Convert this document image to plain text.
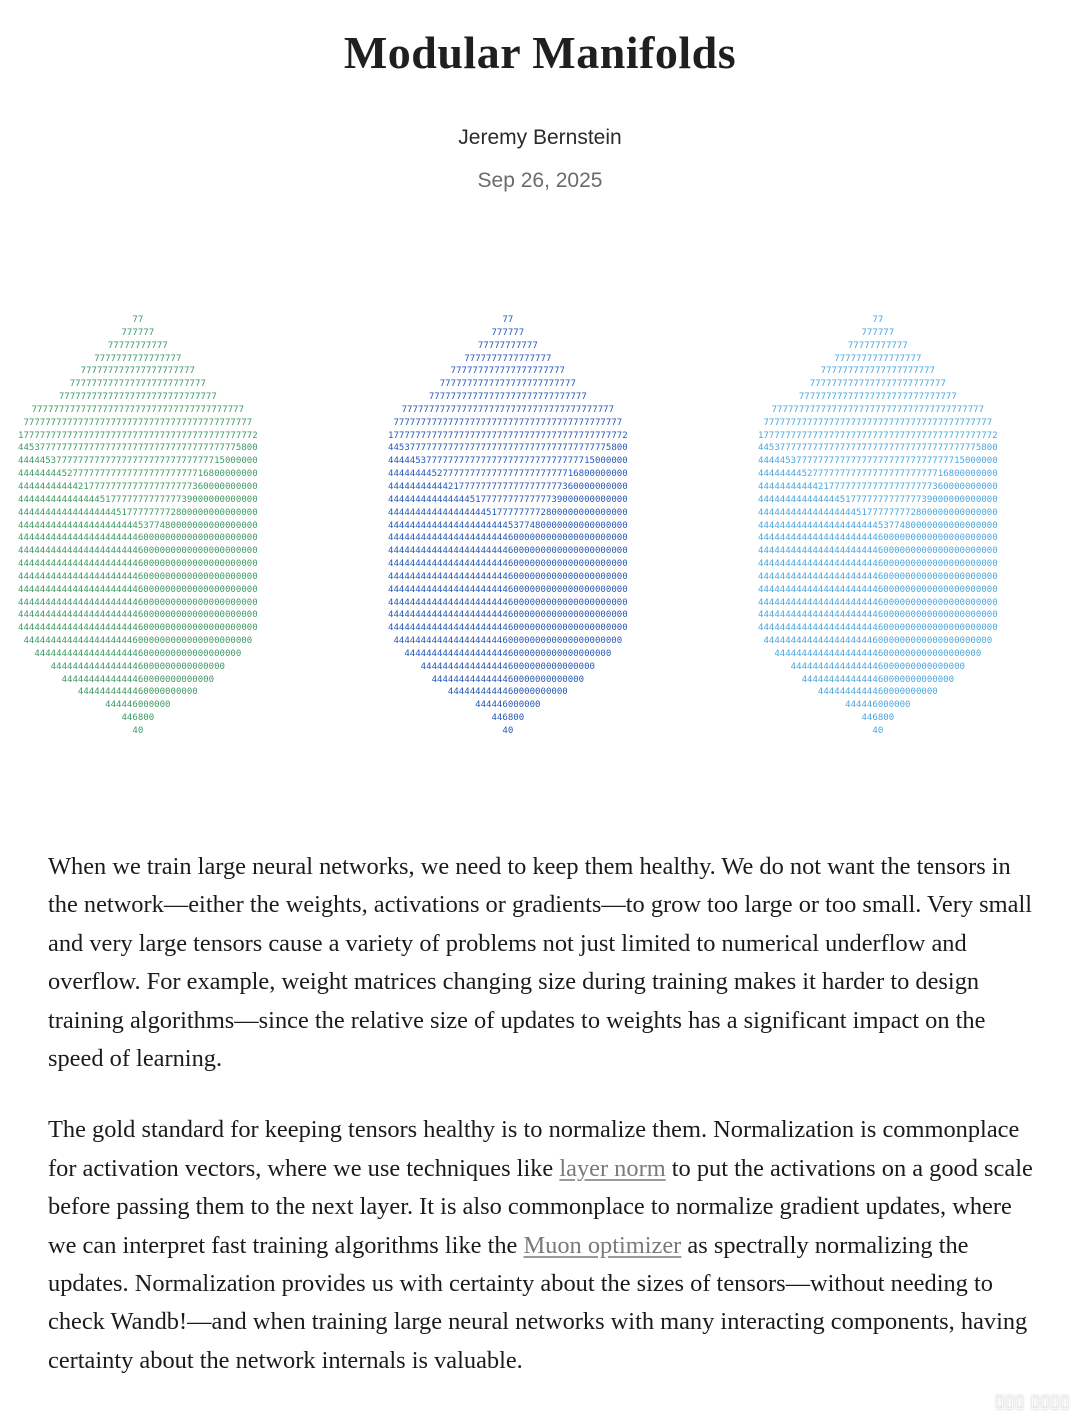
Modular Manifolds
Jeremy Bernstein
Sep 26, 2025
77
777777
77777777777
7777777777777777
777777777777777777777
7777777777777777777777777
77777777777777777777777777777
777777777777777777777777777777777777777
777777777777777777777777777777777777777777
17777777777777777777777777777777777777777772
44537777777777777777777777777777777777775800
44444537777777777777777777777777777715000000
44444444527777777777777777777777716800000000
44444444444217777777777777777777360000000000
44444444444444451777777777777739000000000000
44444444444444444451777777772800000000000000
44444444444444444444445377480000000000000000
44444444444444444444446000000000000000000000
44444444444444444444446000000000000000000000
44444444444444444444446000000000000000000000
44444444444444444444446000000000000000000000
44444444444444444444446000000000000000000000
44444444444444444444446000000000000000000000
44444444444444444444446000000000000000000000
44444444444444444444446000000000000000000000
444444444444444444446000000000000000000000
44444444444444444446000000000000000000
44444444444444446000000000000000
4444444444444460000000000000
4444444444460000000000
444446000000
446800
40
77
777777
77777777777
7777777777777777
777777777777777777777
7777777777777777777777777
77777777777777777777777777777
777777777777777777777777777777777777777
777777777777777777777777777777777777777777
17777777777777777777777777777777777777777772
44537777777777777777777777777777777777775800
44444537777777777777777777777777777715000000
44444444527777777777777777777777716800000000
44444444444217777777777777777777360000000000
44444444444444451777777777777739000000000000
44444444444444444451777777772800000000000000
44444444444444444444445377480000000000000000
44444444444444444444446000000000000000000000
44444444444444444444446000000000000000000000
44444444444444444444446000000000000000000000
44444444444444444444446000000000000000000000
44444444444444444444446000000000000000000000
44444444444444444444446000000000000000000000
44444444444444444444446000000000000000000000
44444444444444444444446000000000000000000000
444444444444444444446000000000000000000000
44444444444444444446000000000000000000
44444444444444446000000000000000
4444444444444460000000000000
4444444444460000000000
444446000000
446800
40
77
777777
77777777777
7777777777777777
777777777777777777777
7777777777777777777777777
77777777777777777777777777777
777777777777777777777777777777777777777
777777777777777777777777777777777777777777
17777777777777777777777777777777777777777772
44537777777777777777777777777777777777775800
44444537777777777777777777777777777715000000
44444444527777777777777777777777716800000000
44444444444217777777777777777777360000000000
44444444444444451777777777777739000000000000
44444444444444444451777777772800000000000000
44444444444444444444445377480000000000000000
44444444444444444444446000000000000000000000
44444444444444444444446000000000000000000000
44444444444444444444446000000000000000000000
44444444444444444444446000000000000000000000
44444444444444444444446000000000000000000000
44444444444444444444446000000000000000000000
44444444444444444444446000000000000000000000
44444444444444444444446000000000000000000000
444444444444444444446000000000000000000000
44444444444444444446000000000000000000
44444444444444446000000000000000
4444444444444460000000000000
4444444444460000000000
444446000000
446800
40

When we train large neural networks, we need to keep them healthy. We do not want the tensors in the network—either the weights, activations or gradients—to grow too large or too small. Very small and very large tensors cause a variety of problems not just limited to numerical underflow and overflow. For example, weight matrices changing size during training makes it harder to design training algorithms—since the relative size of updates to weights has a significant impact on the speed of learning.

The gold standard for keeping tensors healthy is to normalize them. Normalization is commonplace for activation vectors, where we use techniques like layer norm to put the activations on a good scale before passing them to the next layer. It is also commonplace to normalize gradient updates, where we can interpret fast training algorithms like the Muon optimizer as spectrally normalizing the updates. Normalization provides us with certainty about the sizes of tensors—without needing to check Wandb!—and when training large neural networks with many interacting components, having certainty about the network internals is valuable.

▯▯▯ ▯▯▯▯
